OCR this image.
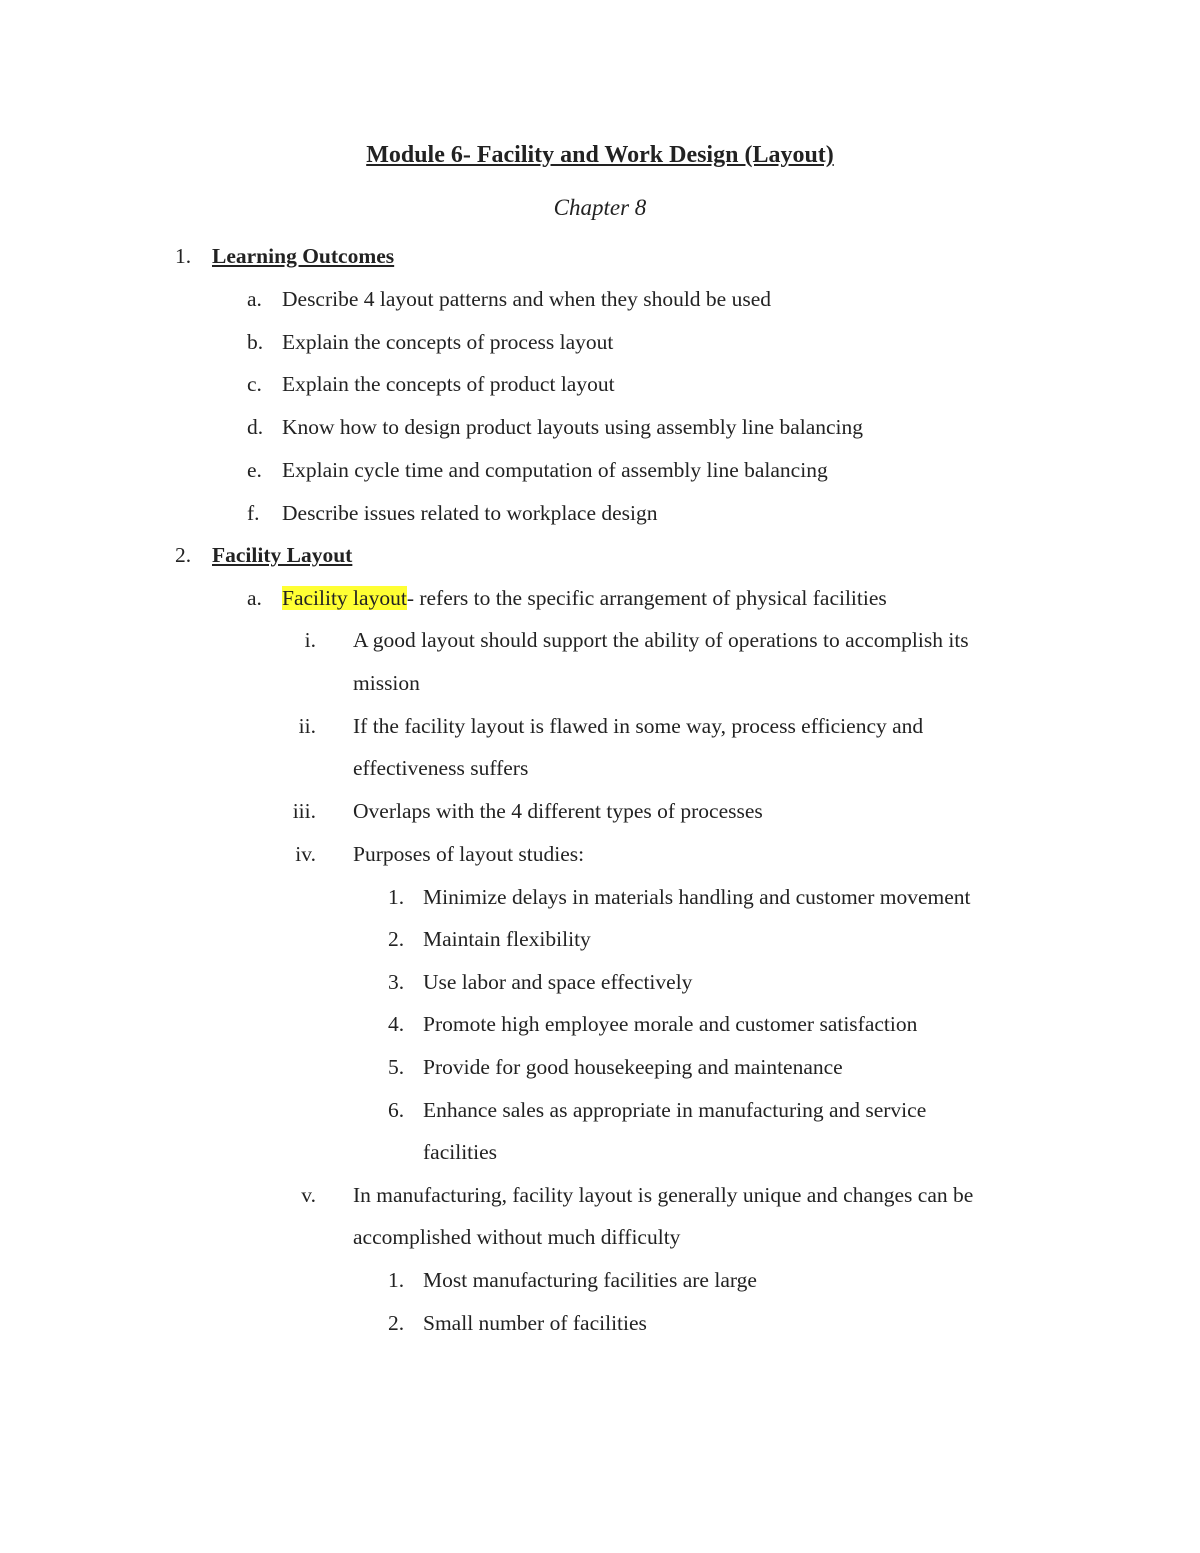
Module 6- Facility and Work Design (Layout)
Chapter 8
1. Learning Outcomes
a. Describe 4 layout patterns and when they should be used
b. Explain the concepts of process layout
c. Explain the concepts of product layout
d. Know how to design product layouts using assembly line balancing
e. Explain cycle time and computation of assembly line balancing
f. Describe issues related to workplace design
2. Facility Layout
a. Facility layout- refers to the specific arrangement of physical facilities
i. A good layout should support the ability of operations to accomplish its
mission
ii. If the facility layout is flawed in some way, process efficiency and
effectiveness suffers
iii. Overlaps with the 4 different types of processes
iv. Purposes of layout studies:
1. Minimize delays in materials handling and customer movement
2. Maintain flexibility
3. Use labor and space effectively
4. Promote high employee morale and customer satisfaction
5. Provide for good housekeeping and maintenance
6. Enhance sales as appropriate in manufacturing and service
facilities
v. In manufacturing, facility layout is generally unique and changes can be
accomplished without much difficulty
1. Most manufacturing facilities are large
2. Small number of facilities
